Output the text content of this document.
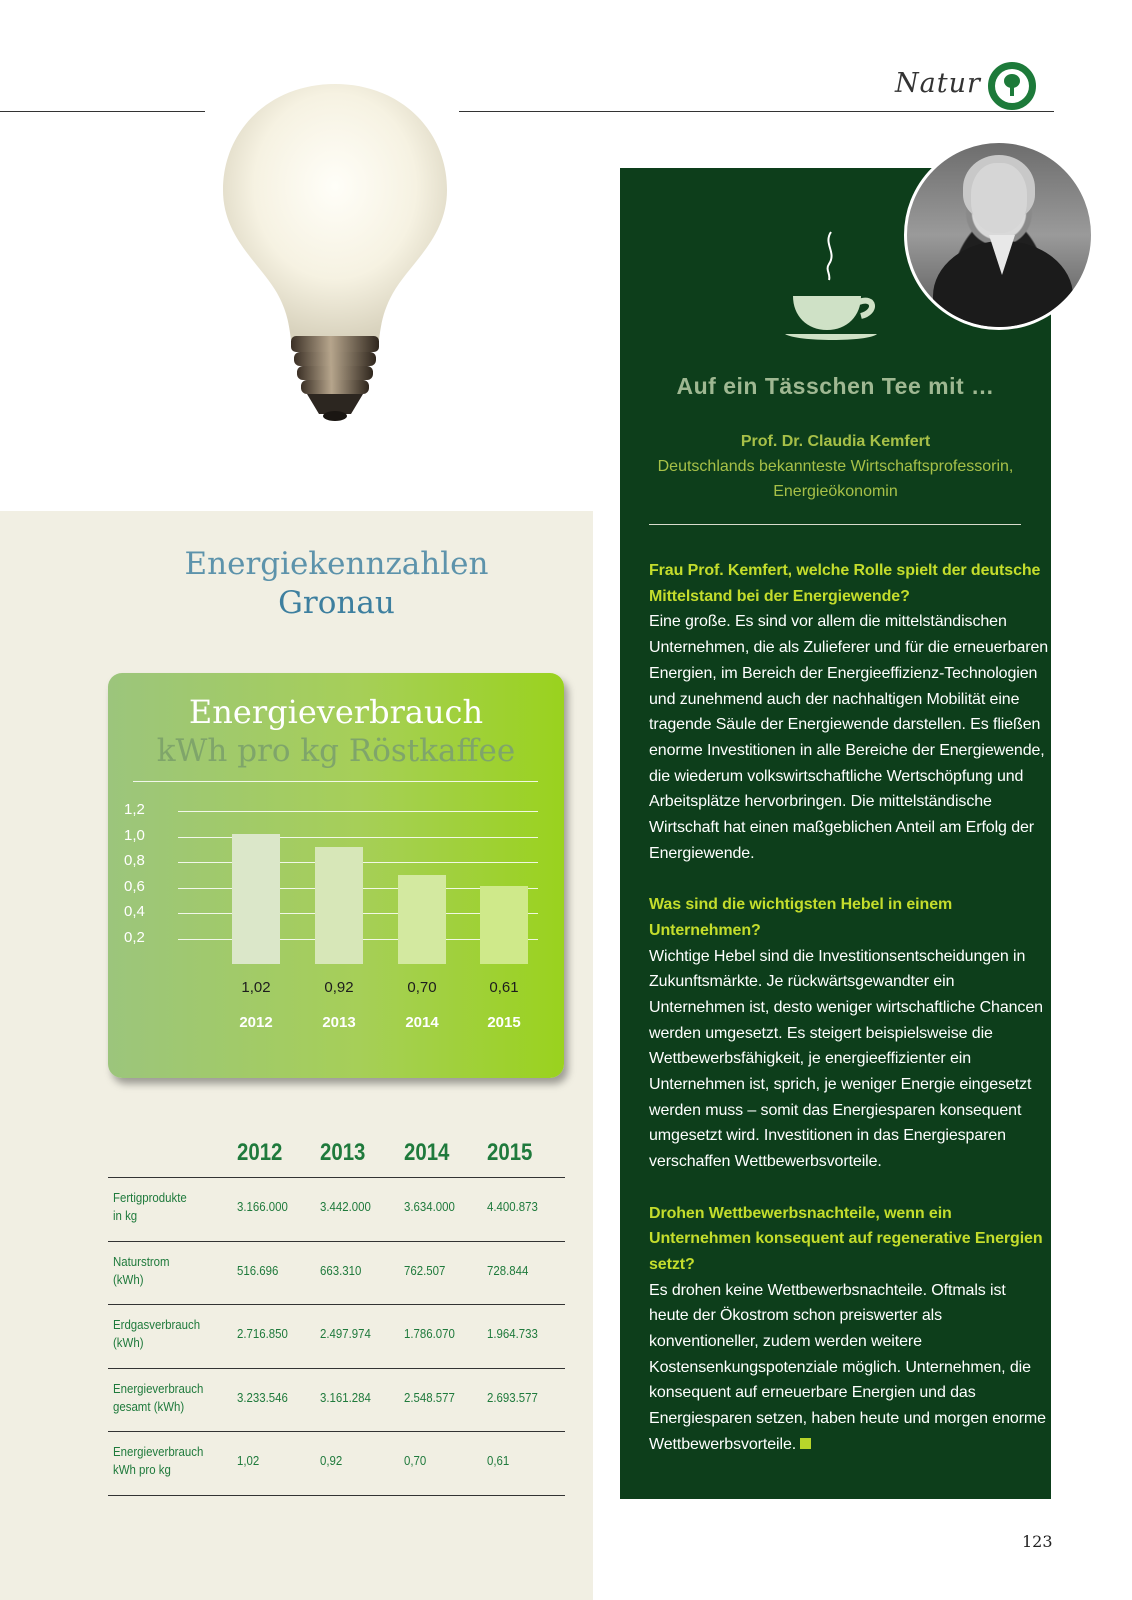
Natur
Energiekennzahlen
Gronau
Energieverbrauch
kWh pro kg Röstkaffee
1,2
1,0
0,8
0,6
0,4
0,2
1,02
2012
0,92
2013
0,70
2014
0,61
2015
2012 2013 2014 2015
Fertigprodukte
in kg
3.166.000 3.442.000	3.634.000 4.400.873
Naturstrom
(kWh)
516.696	663.310	762.507	728.844
Erdgasverbrauch
(kWh)
2.716.850 2.497.974	1.786.070 1.964.733
Energieverbrauch
gesamt (kWh)
3.233.546 3.161.284	2.548.577 2.693.577
Energieverbrauch
kWh pro kg
1,02	0,92	0,70	0,61
Auf ein Tässchen Tee mit …
Prof. Dr. Claudia Kemfert
Deutschlands bekannteste Wirtschaftsprofessorin,
Energieökonomin

Frau Prof. Kemfert, welche Rolle spielt der deutsche Mittelstand bei der Energiewende?
Eine große. Es sind vor allem die mittelständischen Unternehmen, die als Zulieferer und für die erneuerbaren Energien, im Bereich der Energieeffizienz-Technologien und zunehmend auch der nachhaltigen Mobilität eine tragende Säule der Energiewende darstellen. Es fließen enorme Investitionen in alle Bereiche der Energiewende, die wiederum volkswirtschaftliche Wertschöpfung und Arbeitsplätze hervorbringen. Die mittelständische Wirtschaft hat einen maßgeblichen Anteil am Erfolg der Energiewende.

Was sind die wichtigsten Hebel in einem Unternehmen?
Wichtige Hebel sind die Investitionsentscheidungen in Zukunftsmärkte. Je rückwärtsgewandter ein Unternehmen ist, desto weniger wirtschaftliche Chancen werden umgesetzt. Es steigert beispielsweise die Wettbewerbsfähigkeit, je energieeffizienter ein Unternehmen ist, sprich, je weniger Energie eingesetzt werden muss – somit das Energiesparen konsequent umgesetzt wird. Investitionen in das Energiesparen verschaffen Wettbewerbsvorteile.

Drohen Wettbewerbsnachteile, wenn ein Unternehmen konsequent auf regenerative Energien setzt?
Es drohen keine Wettbewerbsnachteile. Oftmals ist heute der Ökostrom schon preiswerter als konventioneller, zudem werden weitere Kostensenkungspotenziale möglich. Unternehmen, die konsequent auf erneuerbare Energien und das Energiesparen setzen, haben heute und morgen enorme Wettbewerbsvorteile.

123
